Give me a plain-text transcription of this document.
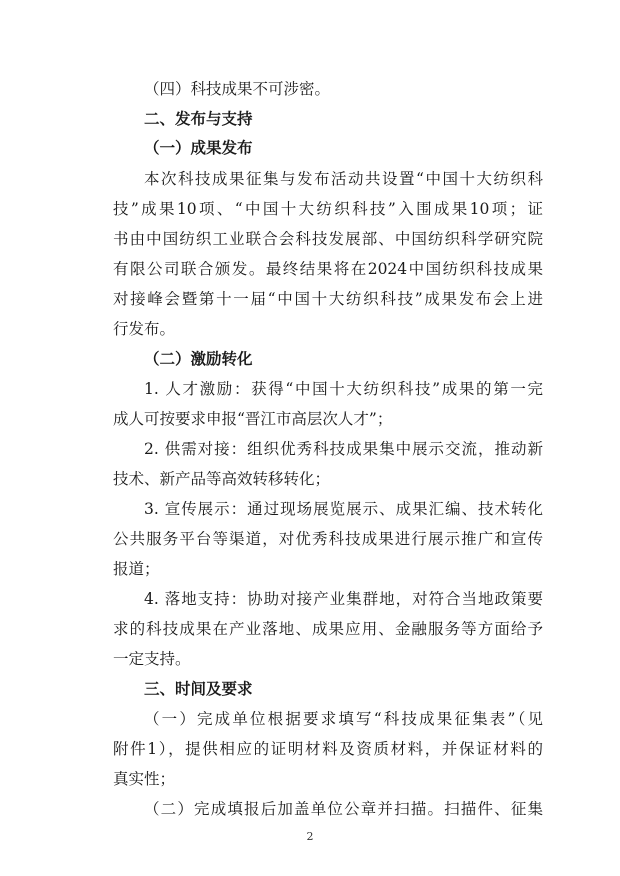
（四）科技成果不可涉密。
二、发布与支持
（一）成果发布
本次科技成果征集与发布活动共设置“中国十大纺织科
技”成果10项、“中国十大纺织科技”入围成果10项；证
书由中国纺织工业联合会科技发展部、中国纺织科学研究院
有限公司联合颁发。最终结果将在2024中国纺织科技成果
对接峰会暨第十一届“中国十大纺织科技”成果发布会上进
行发布。
（二）激励转化
1. 人才激励：获得“中国十大纺织科技”成果的第一完
成人可按要求申报“晋江市高层次人才”；
2. 供需对接：组织优秀科技成果集中展示交流，推动新
技术、新产品等高效转移转化；
3. 宣传展示：通过现场展览展示、成果汇编、技术转化
公共服务平台等渠道，对优秀科技成果进行展示推广和宣传
报道；
4. 落地支持：协助对接产业集群地，对符合当地政策要
求的科技成果在产业落地、成果应用、金融服务等方面给予
一定支持。
三、时间及要求
（一）完成单位根据要求填写“科技成果征集表”（见
附件1），提供相应的证明材料及资质材料，并保证材料的
真实性；
（二）完成填报后加盖单位公章并扫描。扫描件、征集
2
